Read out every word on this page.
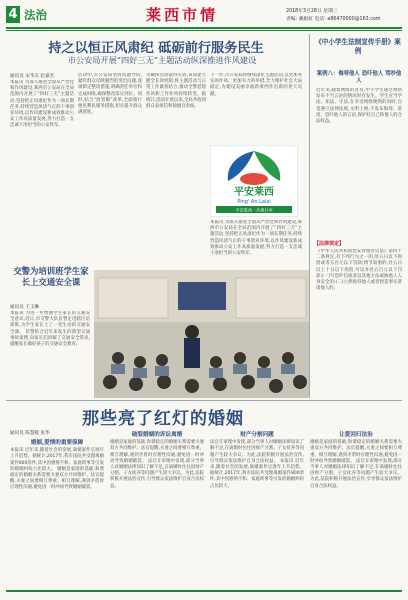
4 法治	莱西市情	2018年3月28日 星期三
责编: 戴妮虹 电话: a86470000@163.com
持之以恒正风肃纪 砥砺前行服务民生
市公安局开展“四好三无”主题活动纵深推进作风建设
通讯员 宋华友 赵嘉杰
本报讯 为深入推进全面从严治党和作风建设,莱西市公安局在全局范围内开展了“四好三无”主题活动,坚持把正风肃纪作为一项长期任务,持续营造风清气正的干事创业环境,以作风建设新成效推动公安工作高质量发展,努力打造一支忠诚干净担当的公安铁军。
活动中,市公安局坚持问题导向,紧盯群众反映强烈的突出问题,逐项制定整改措施,明确责任单位和完成时限,确保整改落实到位。同时,结合“放管服”改革,全面推行便民利民服务措施,切实提升群众满意度。
为确保活动取得实效,该局建立健全长效机制,将主题活动与日常工作紧密结合,推动全警思想作风和工作作风持续转变。据统计,活动开展以来,全局共收到群众表扬信和锦旗百余面。
下一步,市公安局将继续深化主题活动,以更加务实的作风、更加有力的举措,全力维护社会大局稳定,为建设美丽幸福新莱西作出新的更大贡献。
平安莱西
Ping' An Laixi
平安莱西 · 共建共享
本报讯 为深入推进全面从严治党和作风建设,莱西市公安局在全局范围内开展了“四好三无”主题活动,坚持把正风肃纪作为一项长期任务,持续营造风清气正的干事创业环境,以作风建设新成效推动公安工作高质量发展,努力打造一支忠诚干净担当的公安铁军。
交警为培训班学生家长上交通安全课
通讯员 王玉琳
本报讯 为进一步增强学生家长的交通安全意识,近日,市交警大队民警走进辖区培训班,为学生家长上了一堂生动的交通安全课。 民警结合近年来发生的典型交通事故案例,向家长们讲解了交通安全常识,提醒家长做好孩子的交通安全教育。
《中小学生法制宣传手册》案例
案例八：侮辱他人 恐吓他人 骂吵他人
近年来,随着网络的普及,中小学生通过网络发布不当言论的情况时有发生。学生应当学法、知法、守法,在享受网络便利的同时,自觉遵守法律法规,文明上网,不发布侮辱、诽谤、恐吓他人的言论,保护好自己和他人的合法权益。
【法律规定】
《中华人民共和国治安管理处罚法》第四十二条规定,有下列行为之一的,处五日以下拘留或者五百元以下罚款;情节较重的,处五日以上十日以下拘留,可以并处五百元以下罚款:(一)写恐吓信或者以其他方法威胁他人人身安全的;(二)公然侮辱他人或者捏造事实诽谤他人的。
那些亮了红灯的婚姻
通讯员 陈慧媛 张华
婚姻,爱情的重要保障
本报讯 近年来,随着社会的发展,离婚案件呈逐年上升趋势。据统计,2017年,我市法院共受理离婚案件800余件,其中因感情不和、家庭琐事等引发的婚姻纠纷占比较大。 婚姻是家庭的基础,和谐稳定的婚姻关系需要夫妻双方共同维护。法官提醒,夫妻之间要相互尊重、相互理解,遇到矛盾时应理性沟通,避免因一时冲动导致婚姻破裂。
破裂婚姻的诉讼离婚
婚姻是家庭的基础,和谐稳定的婚姻关系需要夫妻双方共同维护。法官提醒,夫妻之间要相互尊重、相互理解,遇到矛盾时应理性沟通,避免因一时冲动导致婚姻破裂。 法官在审理中发现,部分当事人对婚姻法律知识了解不足,在离婚时往往因财产分割、子女抚养等问题产生较大争议。为此,法院积极开展法治宣传,引导群众依法维护自身合法权益。
财产分割问题
法官在审理中发现,部分当事人对婚姻法律知识了解不足,在离婚时往往因财产分割、子女抚养等问题产生较大争议。为此,法院积极开展法治宣传,引导群众依法维护自身合法权益。 本报讯 近年来,随着社会的发展,离婚案件呈逐年上升趋势。据统计,2017年,我市法院共受理离婚案件800余件,其中因感情不和、家庭琐事等引发的婚姻纠纷占比较大。
让爱回归法治
婚姻是家庭的基础,和谐稳定的婚姻关系需要夫妻双方共同维护。法官提醒,夫妻之间要相互尊重、相互理解,遇到矛盾时应理性沟通,避免因一时冲动导致婚姻破裂。 法官在审理中发现,部分当事人对婚姻法律知识了解不足,在离婚时往往因财产分割、子女抚养等问题产生较大争议。为此,法院积极开展法治宣传,引导群众依法维护自身合法权益。
